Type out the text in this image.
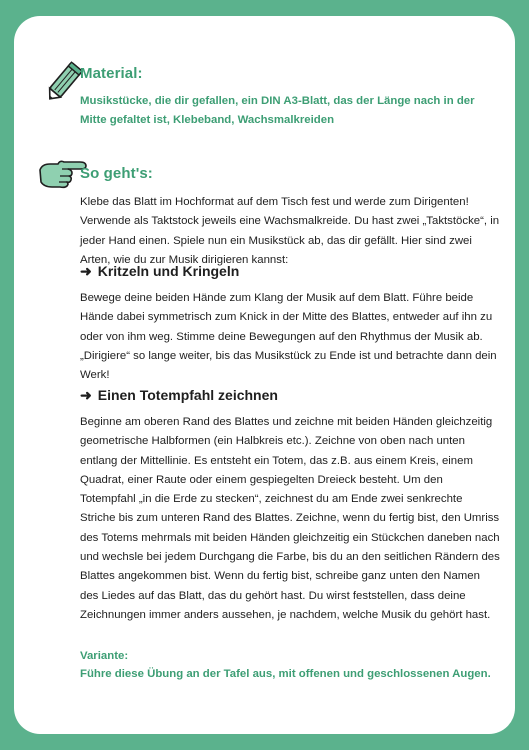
Material:
Musikstücke, die dir gefallen, ein DIN A3-Blatt, das der Länge nach in der Mitte gefaltet ist, Klebeband, Wachsmalkreiden
So geht's:
Klebe das Blatt im Hochformat auf dem Tisch fest und werde zum Dirigenten! Verwende als Taktstock jeweils eine Wachsmalkreide. Du hast zwei „Taktstöcke“, in jeder Hand einen. Spiele nun ein Musikstück ab, das dir gefällt. Hier sind zwei Arten, wie du zur Musik dirigieren kannst:
➜ Kritzeln und Kringeln
Bewege deine beiden Hände zum Klang der Musik auf dem Blatt. Führe beide Hände dabei symmetrisch zum Knick in der Mitte des Blattes, entweder auf ihn zu oder von ihm weg. Stimme deine Bewegungen auf den Rhythmus der Musik ab. „Dirigiere“ so lange weiter, bis das Musikstück zu Ende ist und betrachte dann dein Werk!
➜ Einen Totempfahl zeichnen
Beginne am oberen Rand des Blattes und zeichne mit beiden Händen gleichzeitig geometrische Halbformen (ein Halbkreis etc.). Zeichne von oben nach unten entlang der Mittellinie. Es entsteht ein Totem, das z.B. aus einem Kreis, einem Quadrat, einer Raute oder einem gespiegelten Dreieck besteht. Um den Totempfahl „in die Erde zu stecken“, zeichnest du am Ende zwei senkrechte Striche bis zum unteren Rand des Blattes. Zeichne, wenn du fertig bist, den Umriss des Totems mehrmals mit beiden Händen gleichzeitig ein Stückchen daneben nach und wechsle bei jedem Durchgang die Farbe, bis du an den seitlichen Rändern des Blattes angekommen bist. Wenn du fertig bist, schreibe ganz unten den Namen des Liedes auf das Blatt, das du gehört hast. Du wirst feststellen, dass deine Zeichnungen immer anders aussehen, je nachdem, welche Musik du gehört hast.
Variante:
Führe diese Übung an der Tafel aus, mit offenen und geschlossenen Augen.
